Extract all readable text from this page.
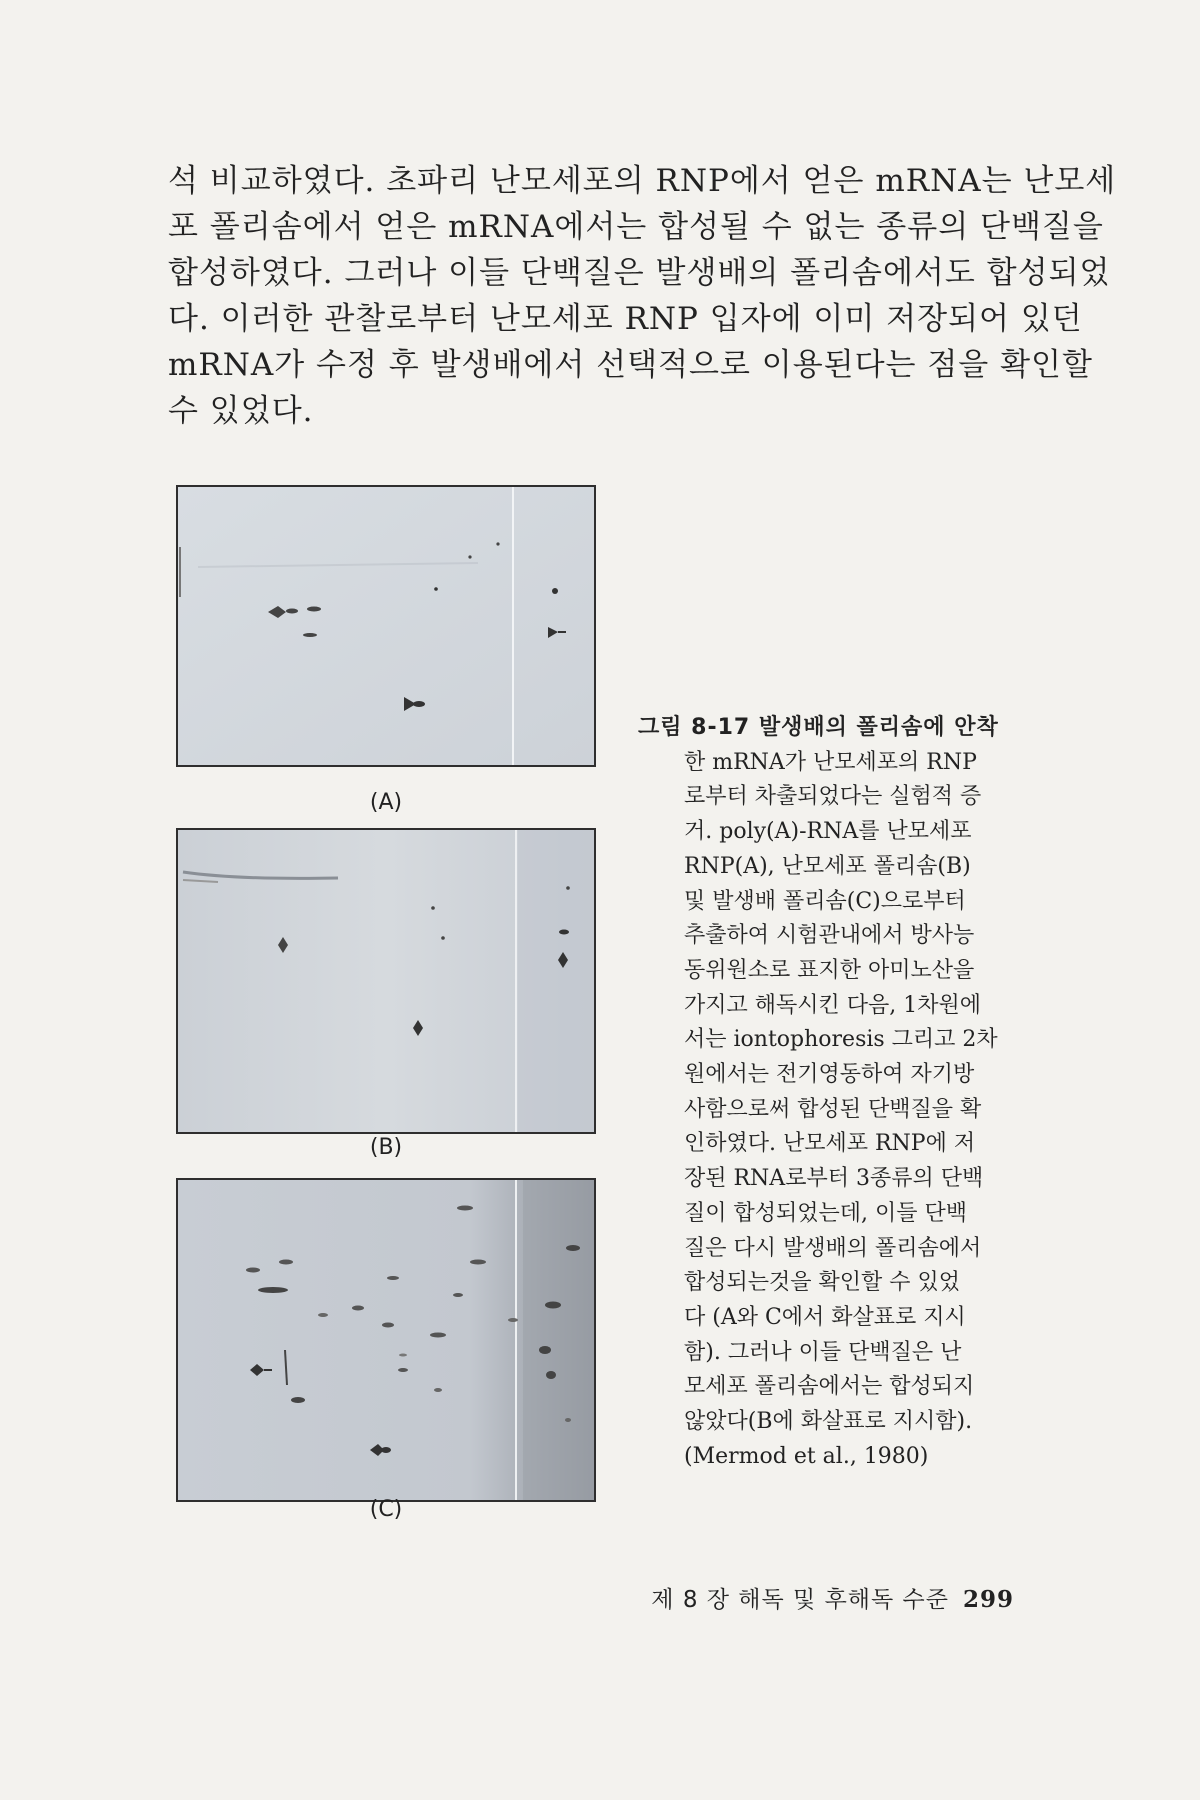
석 비교하였다. 초파리 난모세포의 RNP에서 얻은 mRNA는 난모세
포 폴리솜에서 얻은 mRNA에서는 합성될 수 없는 종류의 단백질을
합성하였다. 그러나 이들 단백질은 발생배의 폴리솜에서도 합성되었
다. 이러한 관찰로부터 난모세포 RNP 입자에 이미 저장되어 있던
mRNA가 수정 후 발생배에서 선택적으로 이용된다는 점을 확인할
수 있었다.
(A)
(B)
(C)
그림 8-17 발생배의 폴리솜에 안착
한 mRNA가 난모세포의 RNP
로부터 차출되었다는 실험적 증
거. poly(A)-RNA를 난모세포
RNP(A), 난모세포 폴리솜(B)
및 발생배 폴리솜(C)으로부터
추출하여 시험관내에서 방사능
동위원소로 표지한 아미노산을
가지고 해독시킨 다음, 1차원에
서는 iontophoresis 그리고 2차
원에서는 전기영동하여 자기방
사함으로써 합성된 단백질을 확
인하였다. 난모세포 RNP에 저
장된 RNA로부터 3종류의 단백
질이 합성되었는데, 이들 단백
질은 다시 발생배의 폴리솜에서
합성되는것을 확인할 수 있었
다 (A와 C에서 화살표로 지시
함). 그러나 이들 단백질은 난
모세포 폴리솜에서는 합성되지
않았다(B에 화살표로 지시함).
(Mermod et al., 1980)
제 8 장 해독 및 후해독 수준 299
